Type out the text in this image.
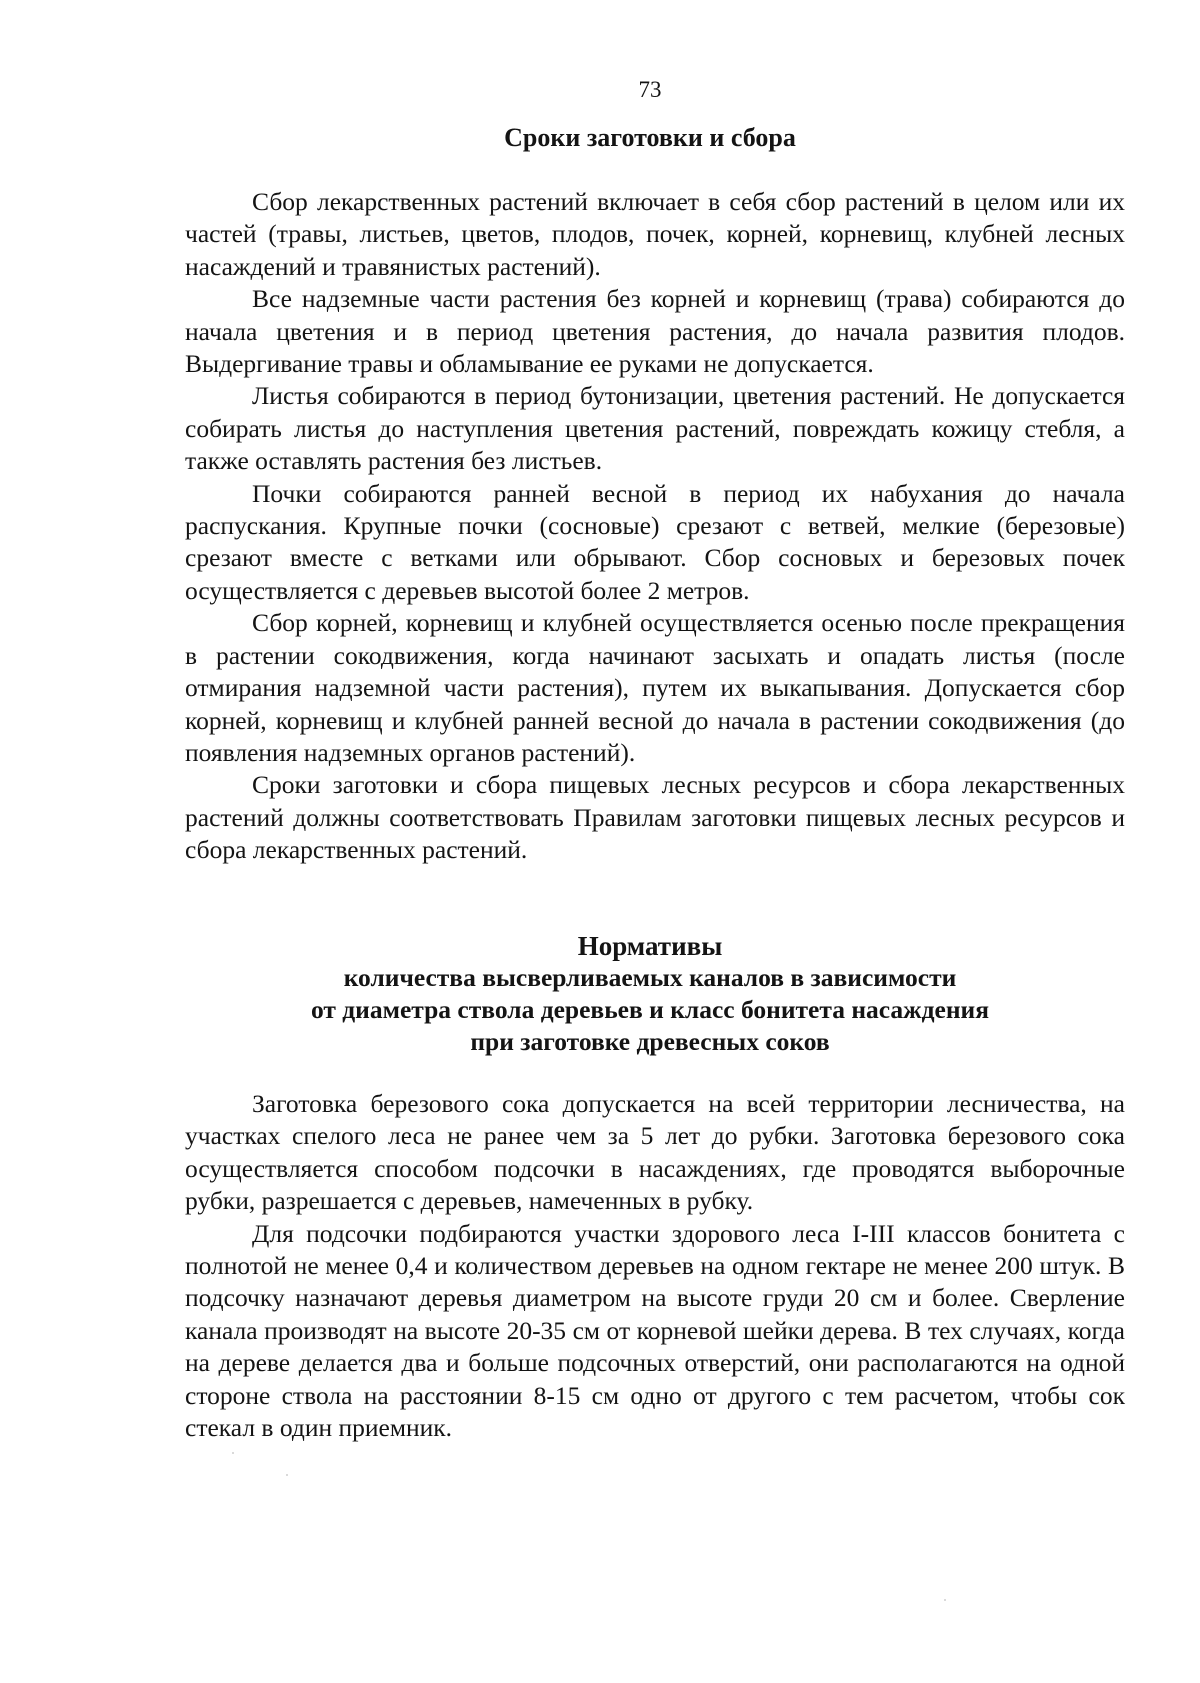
73
Сроки заготовки и сбора

Сбор лекарственных растений включает в себя сбор растений в целом или их частей (травы, листьев, цветов, плодов, почек, корней, корневищ, клубней лесных насаждений и травянистых растений).

Все надземные части растения без корней и корневищ (трава) собираются до начала цветения и в период цветения растения, до начала развития плодов. Выдергивание травы и обламывание ее руками не допускается.

Листья собираются в период бутонизации, цветения растений. Не допускается собирать листья до наступления цветения растений, повреждать кожицу стебля, а также оставлять растения без листьев.

Почки собираются ранней весной в период их набухания до начала распускания. Крупные почки (сосновые) срезают с ветвей, мелкие (березовые) срезают вместе с ветками или обрывают. Сбор сосновых и березовых почек осуществляется с деревьев высотой более 2 метров.

Сбор корней, корневищ и клубней осуществляется осенью после прекращения в растении сокодвижения, когда начинают засыхать и опадать листья (после отмирания надземной части растения), путем их выкапывания. Допускается сбор корней, корневищ и клубней ранней весной до начала в растении сокодвижения (до появления надземных органов растений).

Сроки заготовки и сбора пищевых лесных ресурсов и сбора лекарственных растений должны соответствовать Правилам заготовки пищевых лесных ресурсов и сбора лекарственных растений.

Нормативы
количества высверливаемых каналов в зависимости
от диаметра ствола деревьев и класс бонитета насаждения
при заготовке древесных соков

Заготовка березового сока допускается на всей территории лесничества, на участках спелого леса не ранее чем за 5 лет до рубки. Заготовка березового сока осуществляется способом подсочки в насаждениях, где проводятся выборочные рубки, разрешается с деревьев, намеченных в рубку.

Для подсочки подбираются участки здорового леса I-III классов бонитета с полнотой не менее 0,4 и количеством деревьев на одном гектаре не менее 200 штук. В подсочку назначают деревья диаметром на высоте груди 20 см и более. Сверление канала производят на высоте 20-35 см от корневой шейки дерева. В тех случаях, когда на дереве делается два и больше подсочных отверстий, они располагаются на одной стороне ствола на расстоянии 8-15 см одно от другого с тем расчетом, чтобы сок стекал в один приемник.
